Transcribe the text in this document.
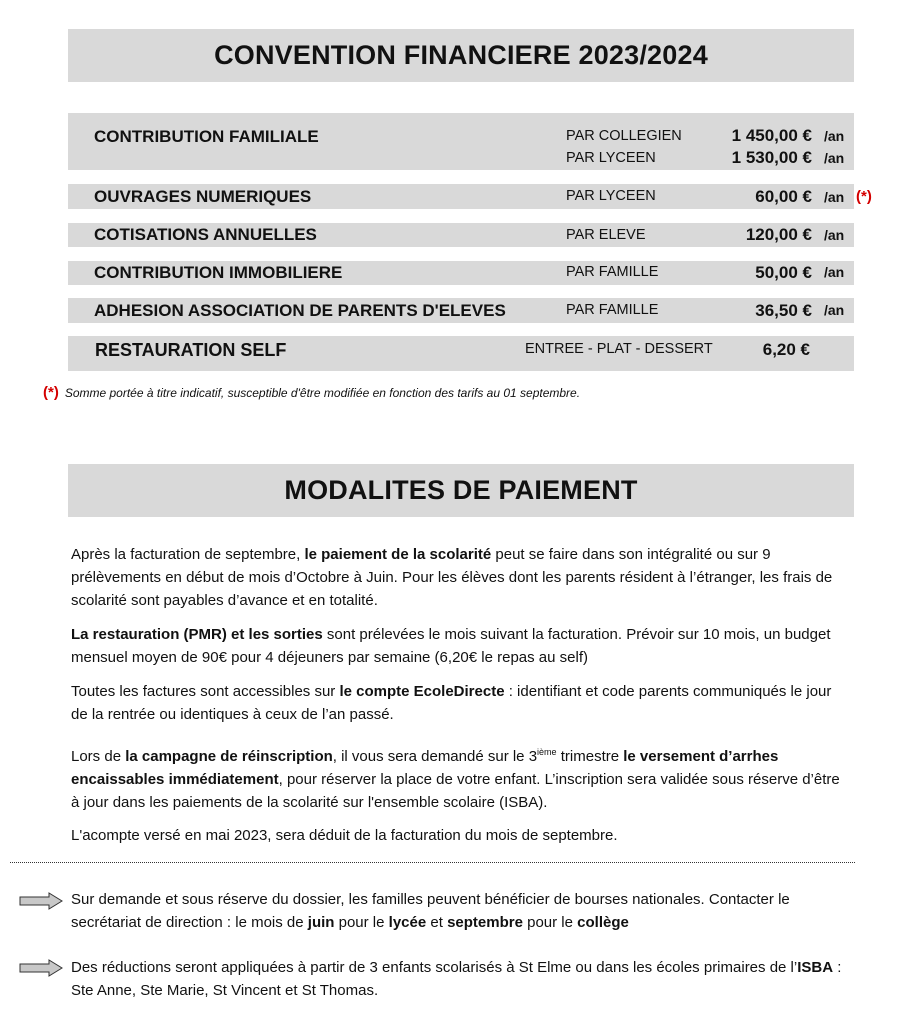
CONVENTION FINANCIERE 2023/2024
CONTRIBUTION FAMILIALE	PAR COLLEGIEN	1 450,00 € /an
PAR LYCEEN	1 530,00 € /an
OUVRAGES NUMERIQUES	PAR LYCEEN	60,00 € /an (*)
COTISATIONS ANNUELLES	PAR ELEVE	120,00 € /an
CONTRIBUTION IMMOBILIERE	PAR FAMILLE	50,00 € /an
ADHESION ASSOCIATION DE PARENTS D'ELEVES	PAR FAMILLE	36,50 € /an
RESTAURATION SELF	ENTREE - PLAT - DESSERT	6,20 €
(*) Somme portée à titre indicatif, susceptible d'être modifiée en fonction des tarifs au 01 septembre.
MODALITES DE PAIEMENT

Après la facturation de septembre, le paiement de la scolarité peut se faire dans son intégralité ou sur 9 prélèvements en début de mois d’Octobre à Juin. Pour les élèves dont les parents résident à l’étranger, les frais de scolarité sont payables d’avance et en totalité.

La restauration (PMR) et les sorties sont prélevées le mois suivant la facturation. Prévoir sur 10 mois, un budget mensuel moyen de 90€ pour 4 déjeuners par semaine (6,20€ le repas au self)

Toutes les factures sont accessibles sur le compte EcoleDirecte : identifiant et code parents communiqués le jour de la rentrée ou identiques à ceux de l’an passé.

Lors de la campagne de réinscription, il vous sera demandé sur le 3ième trimestre le versement d’arrhes encaissables immédiatement, pour réserver la place de votre enfant. L’inscription sera validée sous réserve d’être à jour dans les paiements de la scolarité sur l'ensemble scolaire (ISBA).

L'acompte versé en mai 2023, sera déduit de la facturation du mois de septembre.

Sur demande et sous réserve du dossier, les familles peuvent bénéficier de bourses nationales. Contacter le secrétariat de direction : le mois de juin pour le lycée et septembre pour le collège
Des réductions seront appliquées à partir de 3 enfants scolarisés à St Elme ou dans les écoles primaires de l’ISBA : Ste Anne, Ste Marie, St Vincent et St Thomas.
